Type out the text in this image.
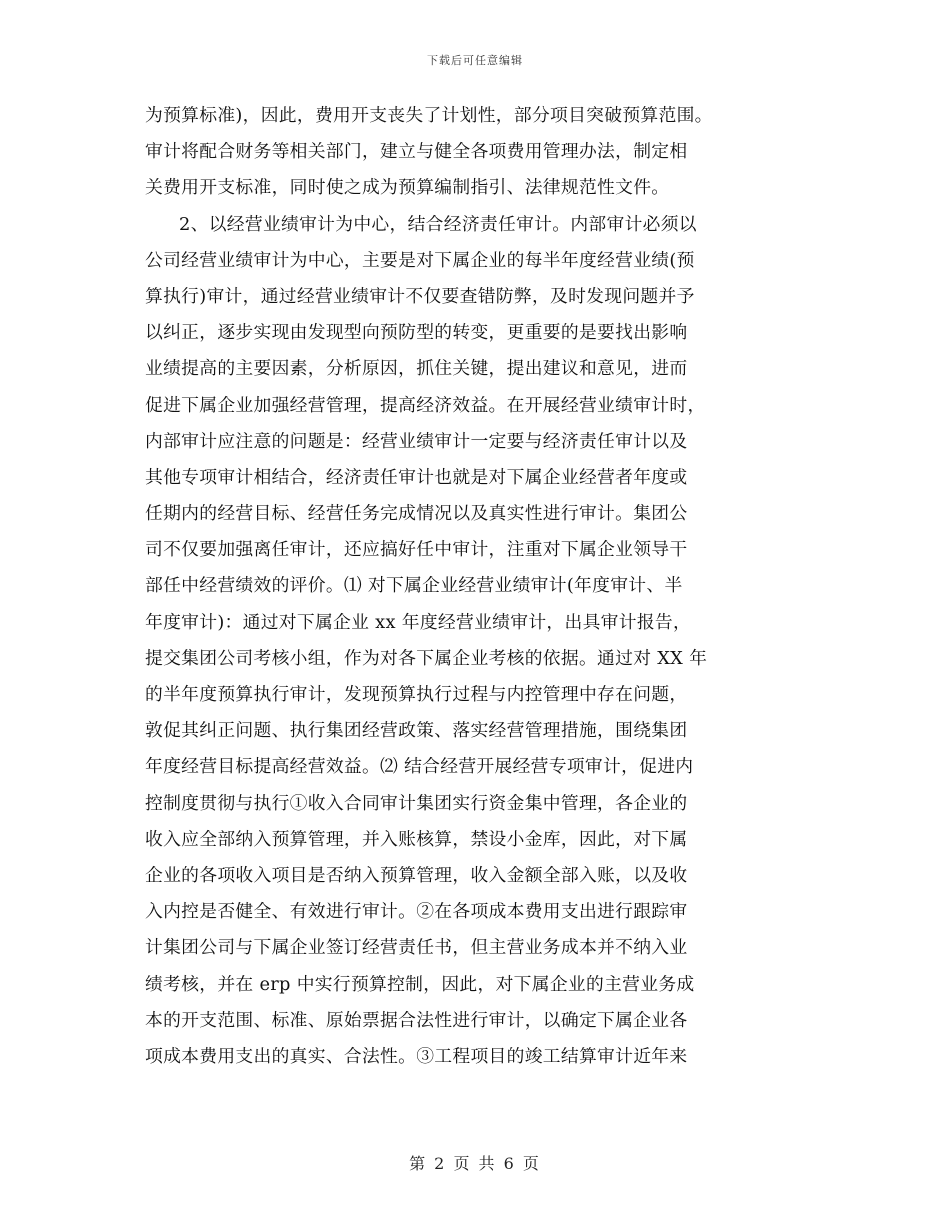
下载后可任意编辑
为预算标准)，因此，费用开支丧失了计划性，部分项目突破预算范围。
审计将配合财务等相关部门，建立与健全各项费用管理办法，制定相
关费用开支标准，同时使之成为预算编制指引、法律规范性文件。
2、以经营业绩审计为中心，结合经济责任审计。内部审计必须以
公司经营业绩审计为中心，主要是对下属企业的每半年度经营业绩(预
算执行)审计，通过经营业绩审计不仅要查错防弊，及时发现问题并予
以纠正，逐步实现由发现型向预防型的转变，更重要的是要找出影响
业绩提高的主要因素，分析原因，抓住关键，提出建议和意见，进而
促进下属企业加强经营管理，提高经济效益。在开展经营业绩审计时，
内部审计应注意的问题是：经营业绩审计一定要与经济责任审计以及
其他专项审计相结合，经济责任审计也就是对下属企业经营者年度或
任期内的经营目标、经营任务完成情况以及真实性进行审计。集团公
司不仅要加强离任审计，还应搞好任中审计，注重对下属企业领导干
部任中经营绩效的评价。⑴ 对下属企业经营业绩审计(年度审计、半
年度审计)：通过对下属企业 xx 年度经营业绩审计，出具审计报告，
提交集团公司考核小组，作为对各下属企业考核的依据。通过对 XX 年
的半年度预算执行审计，发现预算执行过程与内控管理中存在问题，
敦促其纠正问题、执行集团经营政策、落实经营管理措施，围绕集团
年度经营目标提高经营效益。⑵ 结合经营开展经营专项审计，促进内
控制度贯彻与执行①收入合同审计集团实行资金集中管理，各企业的
收入应全部纳入预算管理，并入账核算，禁设小金库，因此，对下属
企业的各项收入项目是否纳入预算管理，收入金额全部入账，以及收
入内控是否健全、有效进行审计。②在各项成本费用支出进行跟踪审
计集团公司与下属企业签订经营责任书，但主营业务成本并不纳入业
绩考核，并在 erp 中实行预算控制，因此，对下属企业的主营业务成
本的开支范围、标准、原始票据合法性进行审计，以确定下属企业各
项成本费用支出的真实、合法性。③工程项目的竣工结算审计近年来
第 2 页 共 6 页
